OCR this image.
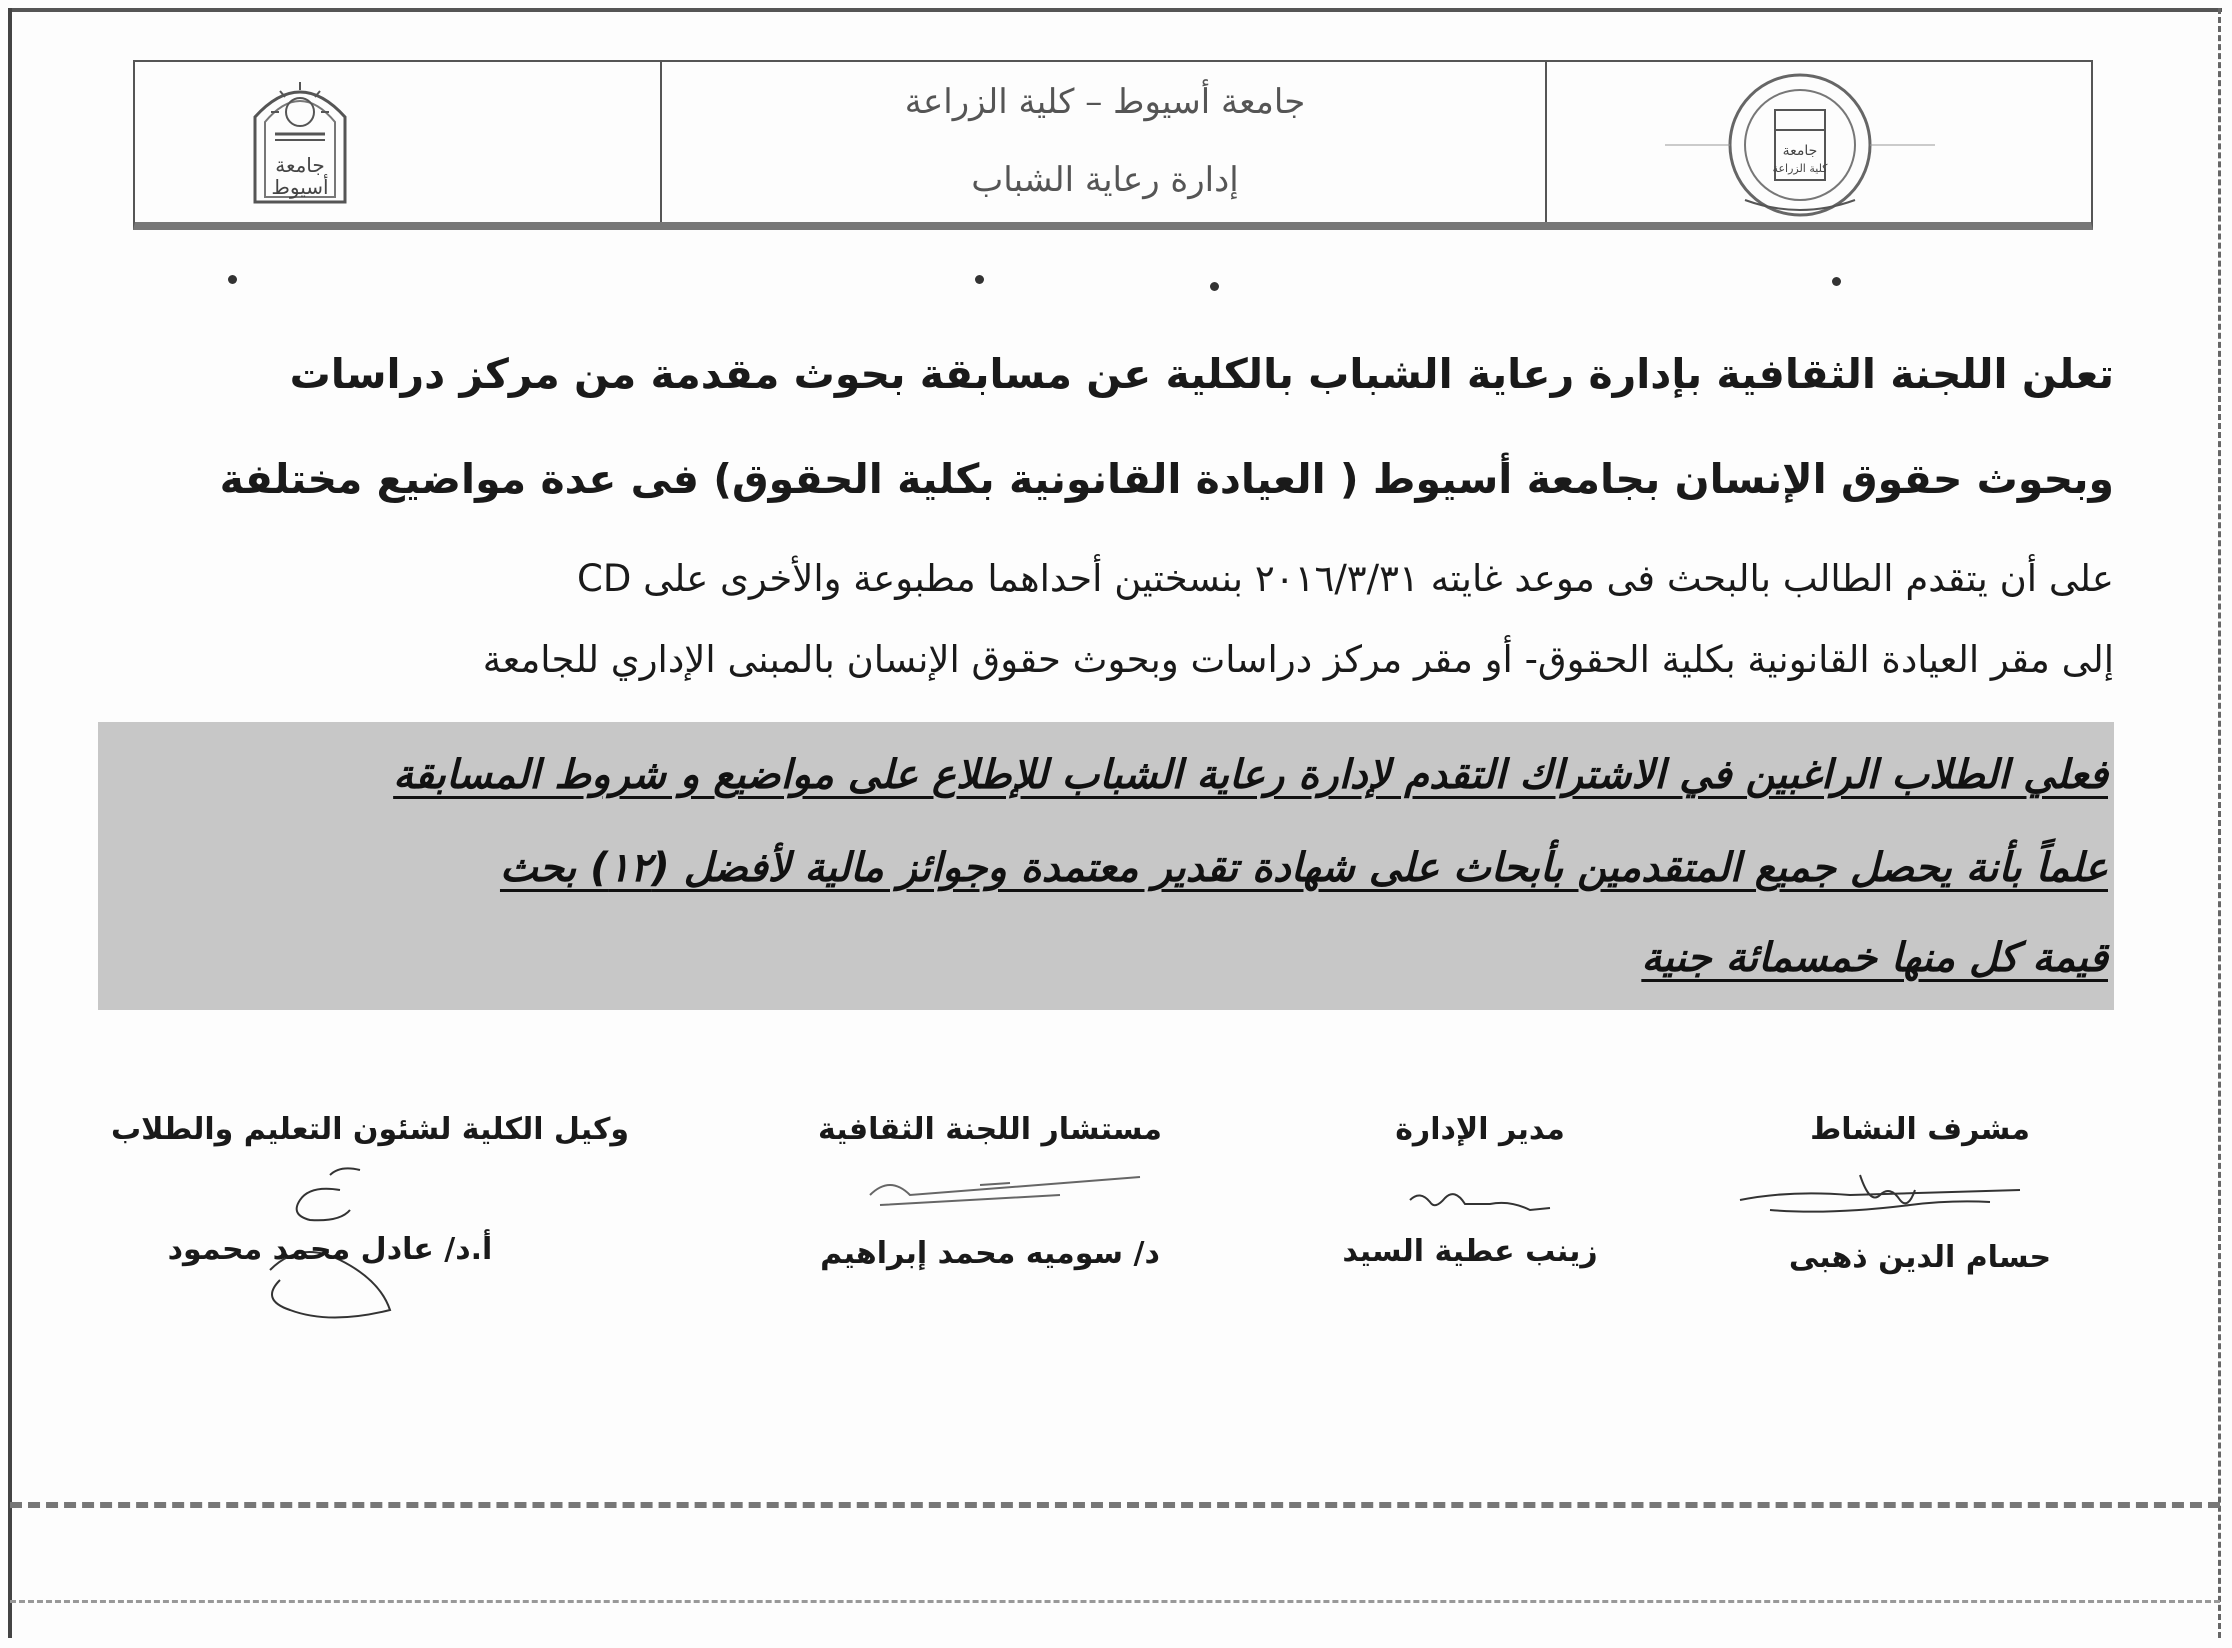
جامعة
أسيوط
جامعة أسيوط – كلية الزراعة
إدارة رعاية الشباب
جامعة
كلية الزراعة
تعلن اللجنة الثقافية بإدارة رعاية الشباب بالكلية عن مسابقة بحوث مقدمة من مركز دراسات
وبحوث حقوق الإنسان بجامعة أسيوط ( العيادة القانونية بكلية الحقوق) فى عدة مواضيع مختلفة
على أن يتقدم الطالب بالبحث فى موعد غايته ٢٠١٦/٣/٣١ بنسختين أحداهما مطبوعة والأخرى على CD
إلى مقر العيادة القانونية بكلية الحقوق- أو مقر مركز دراسات وبحوث حقوق الإنسان بالمبنى الإداري للجامعة
فعلي الطلاب الراغبين في الاشتراك التقدم لإدارة رعاية الشباب للإطلاع على مواضيع و شروط المسابقة
علماً بأنة يحصل جميع المتقدمين بأبحاث على شهادة تقدير معتمدة وجوائز مالية لأفضل (١٢) بحث
قيمة كل منها خمسمائة جنية
مشرف النشاط
مدير الإدارة
مستشار اللجنة الثقافية
وكيل الكلية لشئون التعليم والطلاب
حسام الدين ذهبى
زينب عطية السيد
د/ سوميه محمد إبراهيم
أ.د/ عادل محمد محمود
